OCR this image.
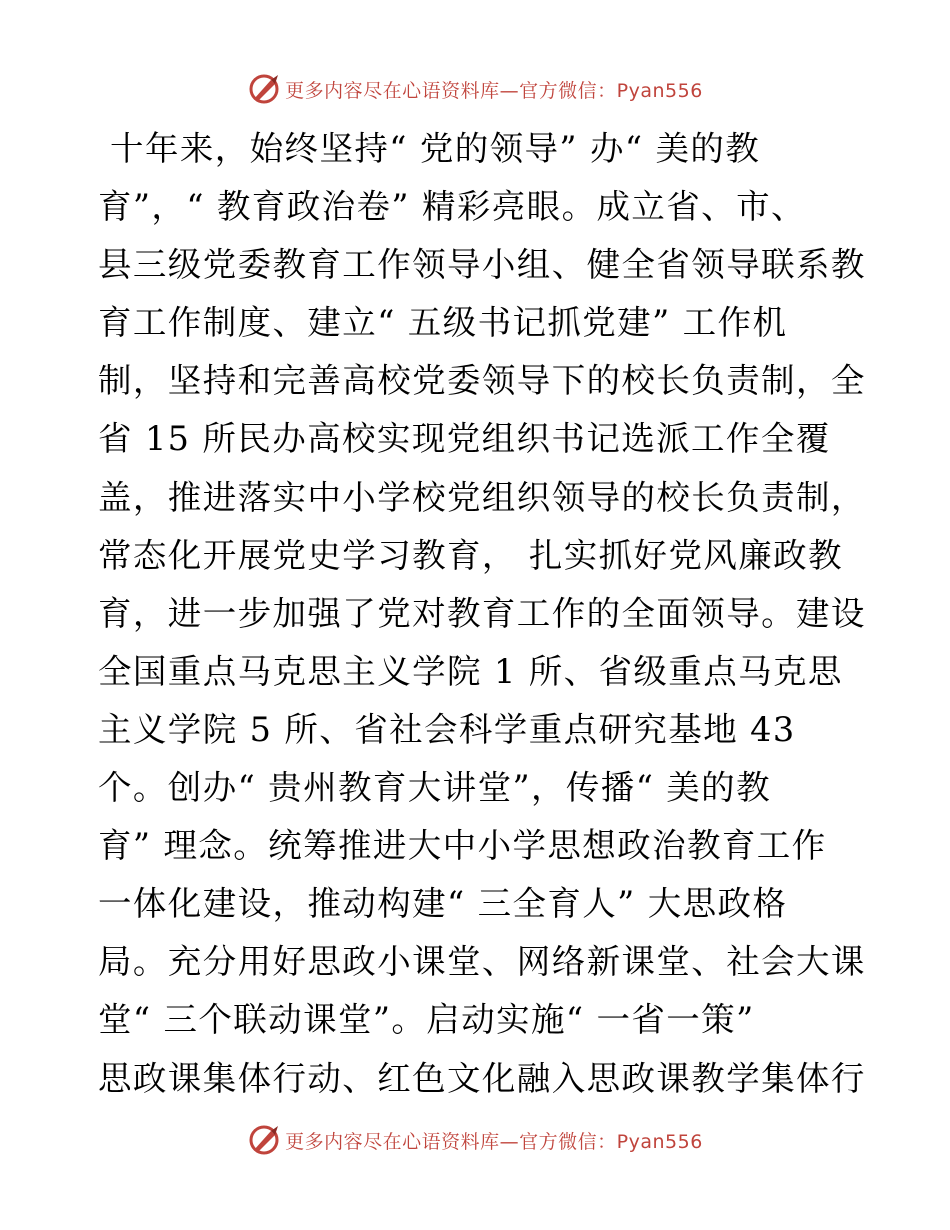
更多内容尽在心语资料库—官方微信：Pyan556
十年来，始终坚持“ 党的领导” 办“ 美的教
育”，“ 教育政治卷” 精彩亮眼。成立省、市、
县三级党委教育工作领导小组、健全省领导联系教
育工作制度、建立“ 五级书记抓党建” 工作机
制，坚持和完善高校党委领导下的校长负责制，全
省 15 所民办高校实现党组织书记选派工作全覆
盖，推进落实中小学校党组织领导的校长负责制，
常态化开展党史学习教育， 扎实抓好党风廉政教
育，进一步加强了党对教育工作的全面领导。建设
全国重点马克思主义学院 1 所、省级重点马克思
主义学院 5 所、省社会科学重点研究基地 43
个。创办“ 贵州教育大讲堂”，传播“ 美的教
育” 理念。统筹推进大中小学思想政治教育工作
一体化建设，推动构建“ 三全育人” 大思政格
局。充分用好思政小课堂、网络新课堂、社会大课
堂“ 三个联动课堂”。启动实施“ 一省一策”
思政课集体行动、红色文化融入思政课教学集体行
更多内容尽在心语资料库—官方微信：Pyan556
